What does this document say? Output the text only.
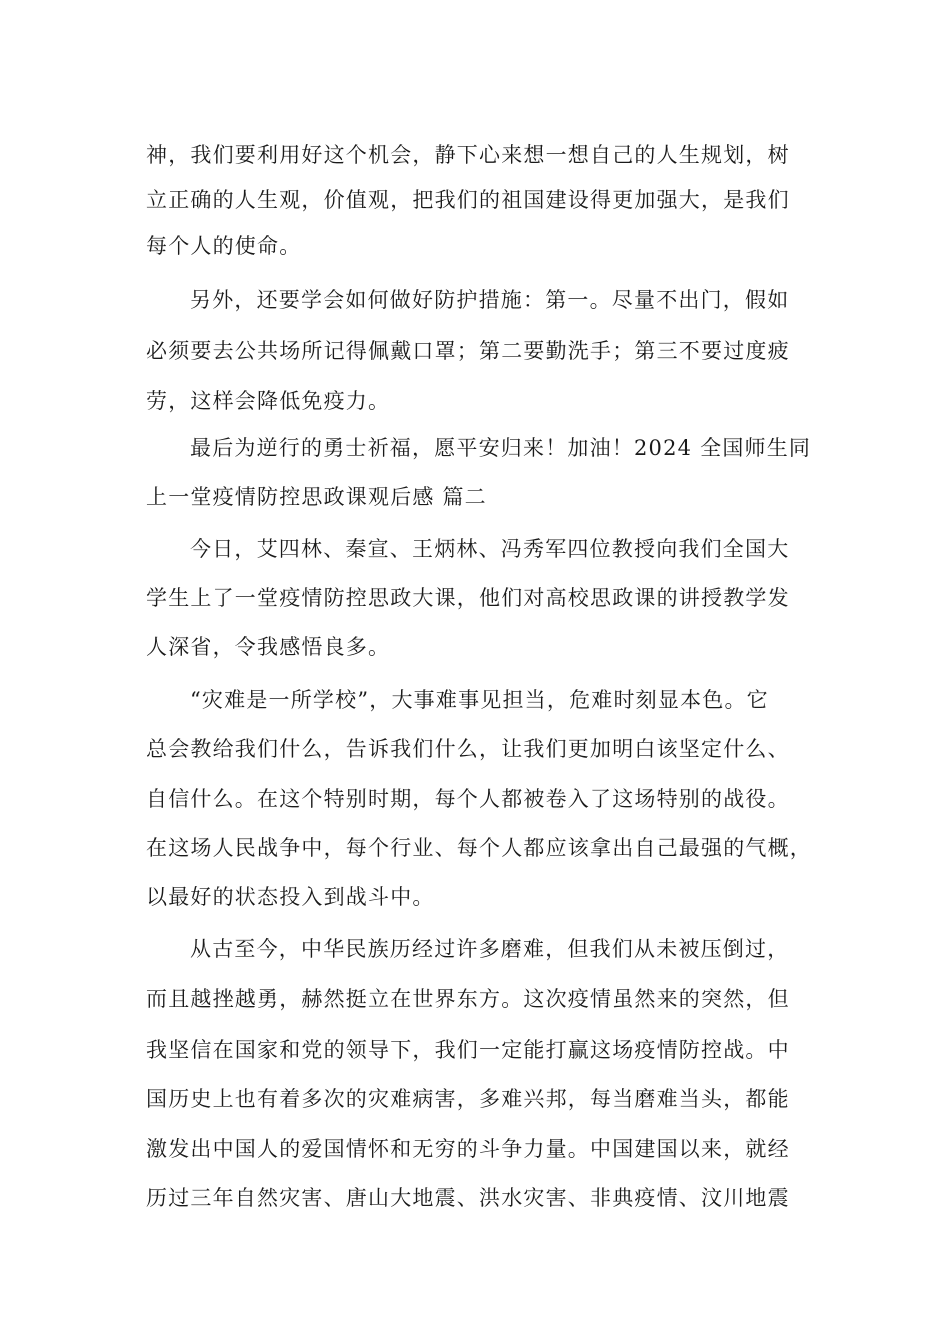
神，我们要利用好这个机会，静下心来想一想自己的人生规划，树
立正确的人生观，价值观，把我们的祖国建设得更加强大，是我们
每个人的使命。
另外，还要学会如何做好防护措施：第一。尽量不出门，假如
必须要去公共场所记得佩戴口罩；第二要勤洗手；第三不要过度疲
劳，这样会降低免疫力。
最后为逆行的勇士祈福，愿平安归来！加油！2024 全国师生同
上一堂疫情防控思政课观后感 篇二
今日，艾四林、秦宣、王炳林、冯秀军四位教授向我们全国大
学生上了一堂疫情防控思政大课，他们对高校思政课的讲授教学发
人深省，令我感悟良多。
“灾难是一所学校”，大事难事见担当，危难时刻显本色。它
总会教给我们什么，告诉我们什么，让我们更加明白该坚定什么、
自信什么。在这个特别时期，每个人都被卷入了这场特别的战役。
在这场人民战争中，每个行业、每个人都应该拿出自己最强的气概，
以最好的状态投入到战斗中。
从古至今，中华民族历经过许多磨难，但我们从未被压倒过，
而且越挫越勇，赫然挺立在世界东方。这次疫情虽然来的突然，但
我坚信在国家和党的领导下，我们一定能打赢这场疫情防控战。中
国历史上也有着多次的灾难病害，多难兴邦，每当磨难当头，都能
激发出中国人的爱国情怀和无穷的斗争力量。中国建国以来，就经
历过三年自然灾害、唐山大地震、洪水灾害、非典疫情、汶川地震
